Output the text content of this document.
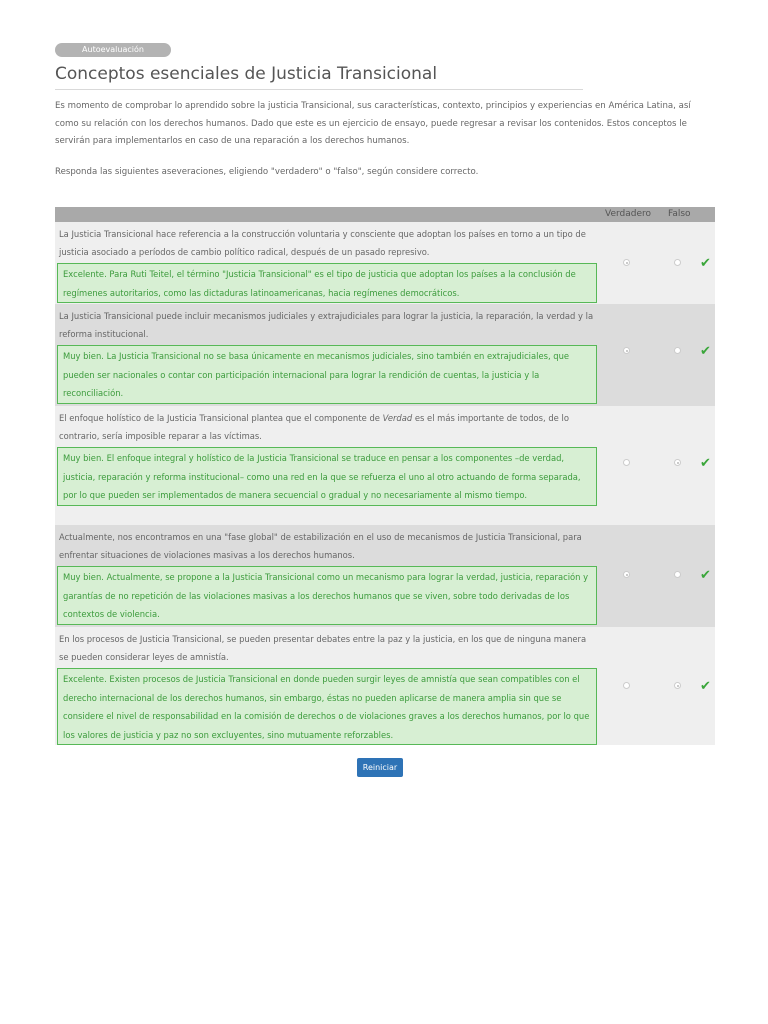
Autoevaluación
Conceptos esenciales de Justicia Transicional

Es momento de comprobar lo aprendido sobre la justicia Transicional, sus características, contexto, principios y experiencias en América Latina, así como su relación con los derechos humanos. Dado que este es un ejercicio de ensayo, puede regresar a revisar los contenidos. Estos conceptos le servirán para implementarlos en caso de una reparación a los derechos humanos.

Responda las siguientes aseveraciones, eligiendo "verdadero" o "falso", según considere correcto.

Verdadero Falso
La Justicia Transicional hace referencia a la construcción voluntaria y consciente que adoptan los países en torno a un tipo de justicia asociado a períodos de cambio político radical, después de un pasado represivo.
Excelente. Para Ruti Teitel, el término "Justicia Transicional" es el tipo de justicia que adoptan los países a la conclusión de regímenes autoritarios, como las dictaduras latinoamericanas, hacia regímenes democráticos.
✔
La Justicia Transicional puede incluir mecanismos judiciales y extrajudiciales para lograr la justicia, la reparación, la verdad y la reforma institucional.
Muy bien. La Justicia Transicional no se basa únicamente en mecanismos judiciales, sino también en extrajudiciales, que pueden ser nacionales o contar con participación internacional para lograr la rendición de cuentas, la justicia y la reconciliación.
✔
El enfoque holístico de la Justicia Transicional plantea que el componente de Verdad es el más importante de todos, de lo contrario, sería imposible reparar a las víctimas.
Muy bien. El enfoque integral y holístico de la Justicia Transicional se traduce en pensar a los componentes –de verdad, justicia, reparación y reforma institucional– como una red en la que se refuerza el uno al otro actuando de forma separada, por lo que pueden ser implementados de manera secuencial o gradual y no necesariamente al mismo tiempo.
✔
Actualmente, nos encontramos en una "fase global" de estabilización en el uso de mecanismos de Justicia Transicional, para enfrentar situaciones de violaciones masivas a los derechos humanos.
Muy bien. Actualmente, se propone a la Justicia Transicional como un mecanismo para lograr la verdad, justicia, reparación y garantías de no repetición de las violaciones masivas a los derechos humanos que se viven, sobre todo derivadas de los contextos de violencia.
✔
En los procesos de Justicia Transicional, se pueden presentar debates entre la paz y la justicia, en los que de ninguna manera se pueden considerar leyes de amnistía.
Excelente. Existen procesos de Justicia Transicional en donde pueden surgir leyes de amnistía que sean compatibles con el derecho internacional de los derechos humanos, sin embargo, éstas no pueden aplicarse de manera amplia sin que se considere el nivel de responsabilidad en la comisión de derechos o de violaciones graves a los derechos humanos, por lo que los valores de justicia y paz no son excluyentes, sino mutuamente reforzables.
✔
Reiniciar
